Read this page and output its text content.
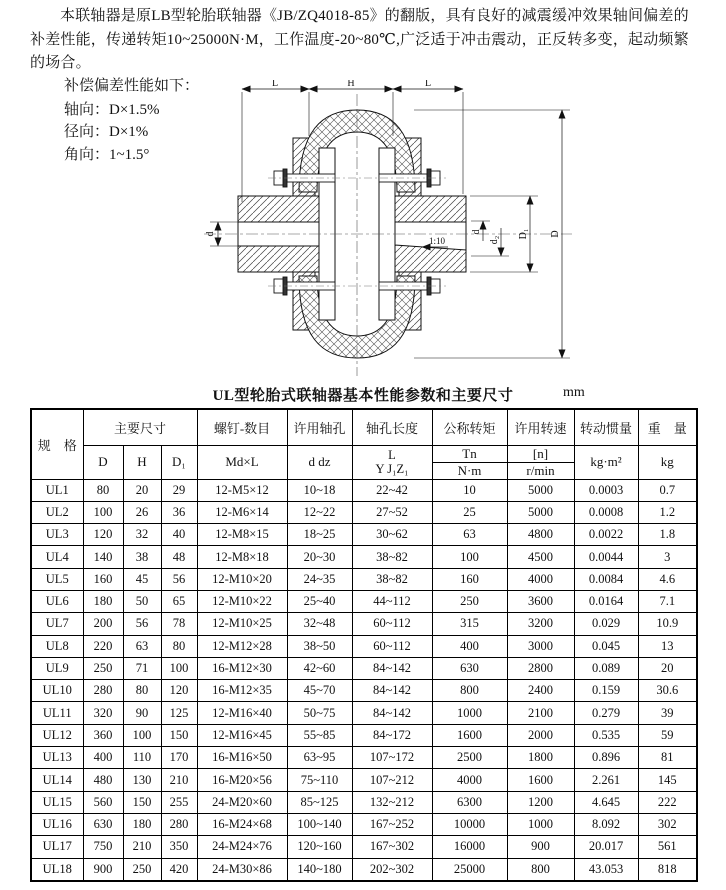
本联轴器是原LB型轮胎联轴器《JB/ZQ4018-85》的翻版，具有良好的减震缓冲效果轴间偏差的补差性能，传递转矩10~25000N·M，工作温度-20~80℃,广泛适于冲击震动，正反转多变，起动频繁的场合。

补偿偏差性能如下：
轴向：D×1.5%
径向：D×1%
角向：1~1.5°
L	H	L
d	d
d₂
D₁ D
1:10
UL型轮胎式联轴器基本性能参数和主要尺寸	mm
规　格	主要尺寸			螺钉-数目	许用轴孔	轴孔长度	公称转矩	许用转速	转动惯量	重　量
	D	H	D₁	Md×L	d dz	L
Y J₁Z₁	Tn	[n]	kg·m²	kg
							N·m	r/min		
UL1	80	20	29	12-M5×12	10~18	22~42	10	5000	0.0003	0.7
UL2	100	26	36	12-M6×14	12~22	27~52	25	5000	0.0008	1.2
UL3	120	32	40	12-M8×15	18~25	30~62	63	4800	0.0022	1.8
UL4	140	38	48	12-M8×18	20~30	38~82	100	4500	0.0044	3
UL5	160	45	56	12-M10×20	24~35	38~82	160	4000	0.0084	4.6
UL6	180	50	65	12-M10×22	25~40	44~112	250	3600	0.0164	7.1
UL7	200	56	78	12-M10×25	32~48	60~112	315	3200	0.029	10.9
UL8	220	63	80	12-M12×28	38~50	60~112	400	3000	0.045	13
UL9	250	71	100	16-M12×30	42~60	84~142	630	2800	0.089	20
UL10	280	80	120	16-M12×35	45~70	84~142	800	2400	0.159	30.6
UL11	320	90	125	12-M16×40	50~75	84~142	1000	2100	0.279	39
UL12	360	100	150	12-M16×45	55~85	84~172	1600	2000	0.535	59
UL13	400	110	170	16-M16×50	63~95	107~172	2500	1800	0.896	81
UL14	480	130	210	16-M20×56	75~110	107~212	4000	1600	2.261	145
UL15	560	150	255	24-M20×60	85~125	132~212	6300	1200	4.645	222
UL16	630	180	280	16-M24×68	100~140	167~252	10000	1000	8.092	302
UL17	750	210	350	24-M24×76	120~160	167~302	16000	900	20.017	561
UL18	900	250	420	24-M30×86	140~180	202~302	25000	800	43.053	818
